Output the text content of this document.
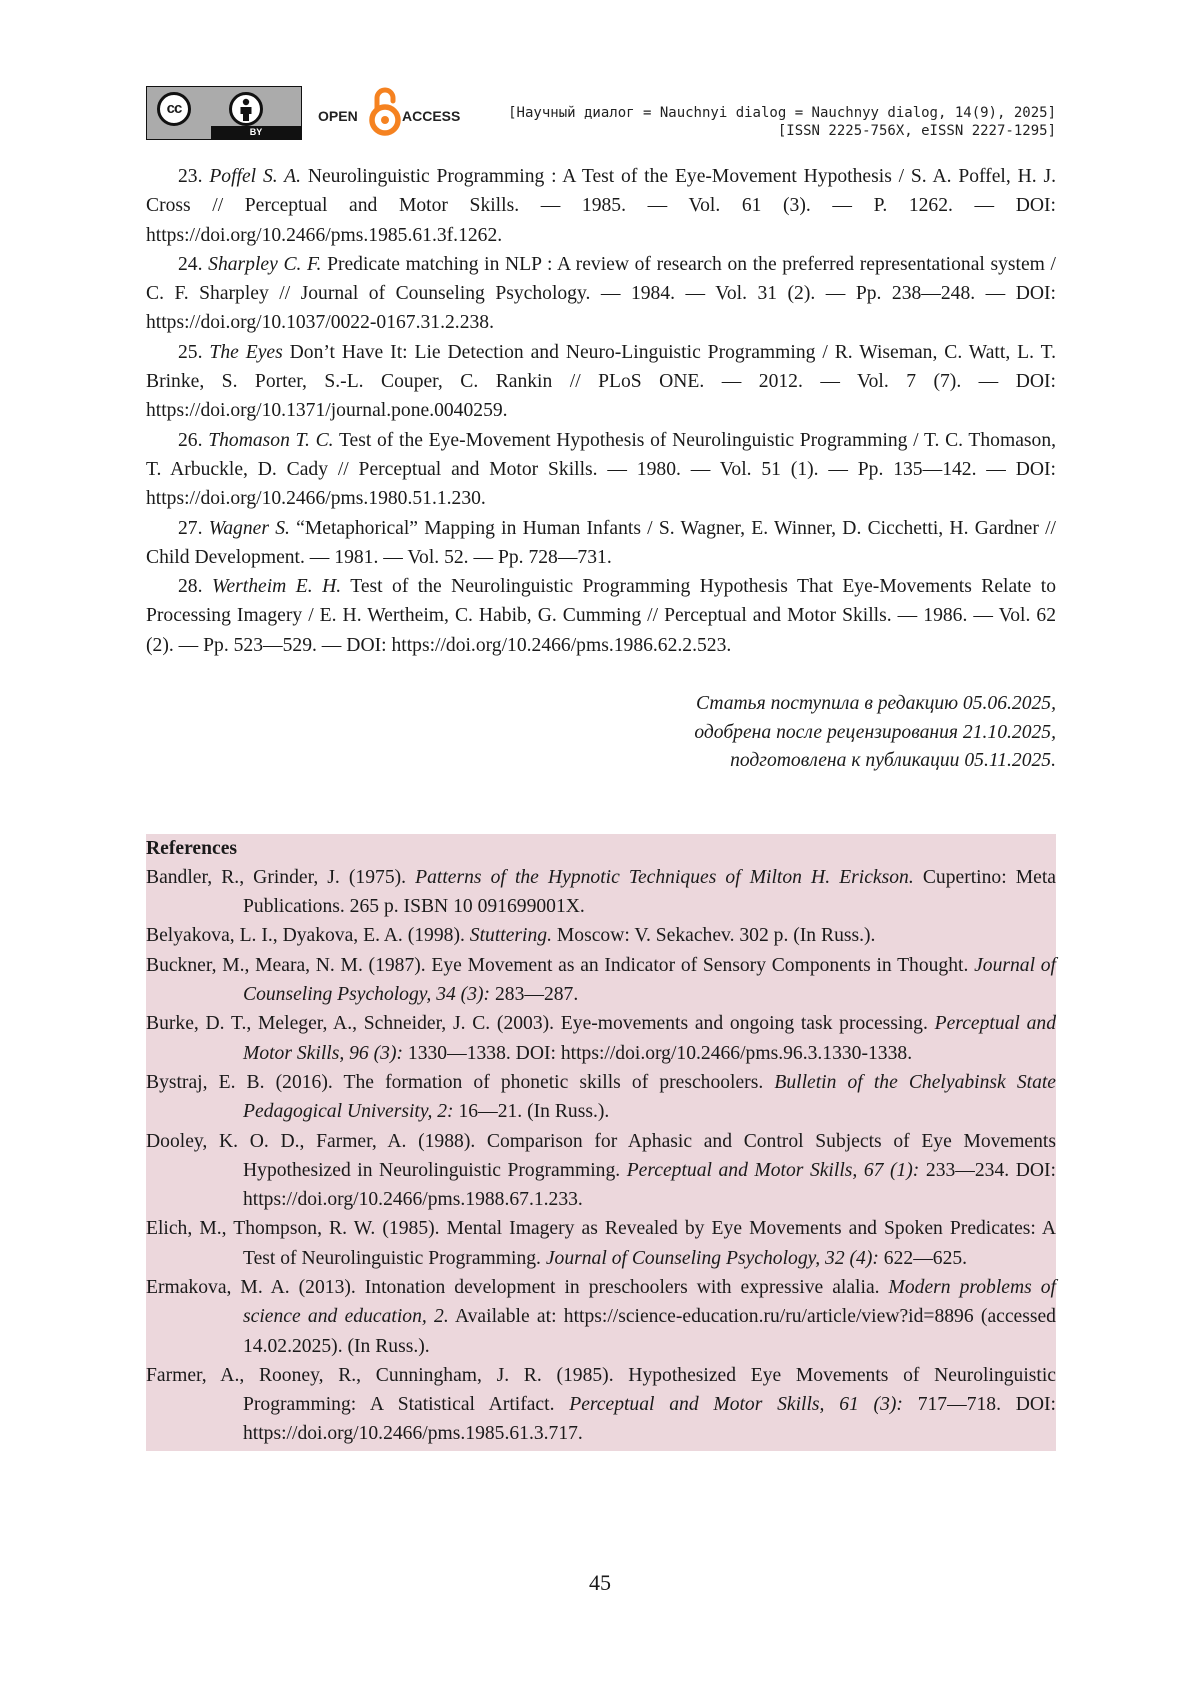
cc
BY
OPEN	ACCESS	[Научный диалог = Nauchnyi dialog = Nauchnyy dialog, 14(9), 2025]
[ISSN 2225-756X, eISSN 2227-1295]

23. Poffel S. A. Neurolinguistic Programming : A Test of the Eye-Movement Hypothesis / S. A. Poffel, H. J. Cross // Perceptual and Motor Skills. — 1985. — Vol. 61 (3). — P. 1262. — DOI: https://doi.org/10.2466/pms.1985.61.3f.1262.

24. Sharpley C. F. Predicate matching in NLP : A review of research on the preferred representational system / C. F. Sharpley // Journal of Counseling Psychology. — 1984. — Vol. 31 (2). — Pp. 238—248. — DOI: https://doi.org/10.1037/0022-0167.31.2.238.

25. The Eyes Don’t Have It: Lie Detection and Neuro-Linguistic Programming / R. Wiseman, C. Watt, L. T. Brinke, S. Porter, S.-L. Couper, C. Rankin // PLoS ONE. — 2012. — Vol. 7 (7). — DOI: https://doi.org/10.1371/journal.pone.0040259.

26. Thomason T. C. Test of the Eye-Movement Hypothesis of Neurolinguistic Programming / T. C. Thomason, T. Arbuckle, D. Cady // Perceptual and Motor Skills. — 1980. — Vol. 51 (1). — Pp. 135—142. — DOI: https://doi.org/10.2466/pms.1980.51.1.230.

27. Wagner S. “Metaphorical” Mapping in Human Infants / S. Wagner, E. Winner, D. Cicchetti, H. Gardner // Child Development. — 1981. — Vol. 52. — Pp. 728—731.

28. Wertheim E. H. Test of the Neurolinguistic Programming Hypothesis That Eye-Movements Relate to Processing Imagery / E. H. Wertheim, C. Habib, G. Cumming // Perceptual and Motor Skills. — 1986. — Vol. 62 (2). — Pp. 523—529. — DOI: https://doi.org/10.2466/pms.1986.62.2.523.

Статья поступила в редакцию 05.06.2025,
одобрена после рецензирования 21.10.2025,
подготовлена к публикации 05.11.2025.
References

Bandler, R., Grinder, J. (1975). Patterns of the Hypnotic Techniques of Milton H. Erickson. Cupertino: Meta Publications. 265 p. ISBN 10 091699001X.

Belyakova, L. I., Dyakova, E. A. (1998). Stuttering. Moscow: V. Sekachev. 302 p. (In Russ.).

Buckner, M., Meara, N. M. (1987). Eye Movement as an Indicator of Sensory Components in Thought. Journal of Counseling Psychology, 34 (3): 283—287.

Burke, D. T., Meleger, A., Schneider, J. C. (2003). Eye-movements and ongoing task processing. Perceptual and Motor Skills, 96 (3): 1330—1338. DOI: https://doi.org/10.2466/pms.96.3.1330-1338.

Bystraj, E. B. (2016). The formation of phonetic skills of preschoolers. Bulletin of the Chelyabinsk State Pedagogical University, 2: 16—21. (In Russ.).

Dooley, K. O. D., Farmer, A. (1988). Comparison for Aphasic and Control Subjects of Eye Movements Hypothesized in Neurolinguistic Programming. Perceptual and Motor Skills, 67 (1): 233—234. DOI: https://doi.org/10.2466/pms.1988.67.1.233.

Elich, M., Thompson, R. W. (1985). Mental Imagery as Revealed by Eye Movements and Spoken Predicates: A Test of Neurolinguistic Programming. Journal of Counseling Psychology, 32 (4): 622—625.

Ermakova, M. A. (2013). Intonation development in preschoolers with expressive alalia. Modern problems of science and education, 2. Available at: https://science-education.ru/ru/article/view?id=8896 (accessed 14.02.2025). (In Russ.).

Farmer, A., Rooney, R., Cunningham, J. R. (1985). Hypothesized Eye Movements of Neurolinguistic Programming: A Statistical Artifact. Perceptual and Motor Skills, 61 (3): 717—718. DOI: https://doi.org/10.2466/pms.1985.61.3.717.

45
